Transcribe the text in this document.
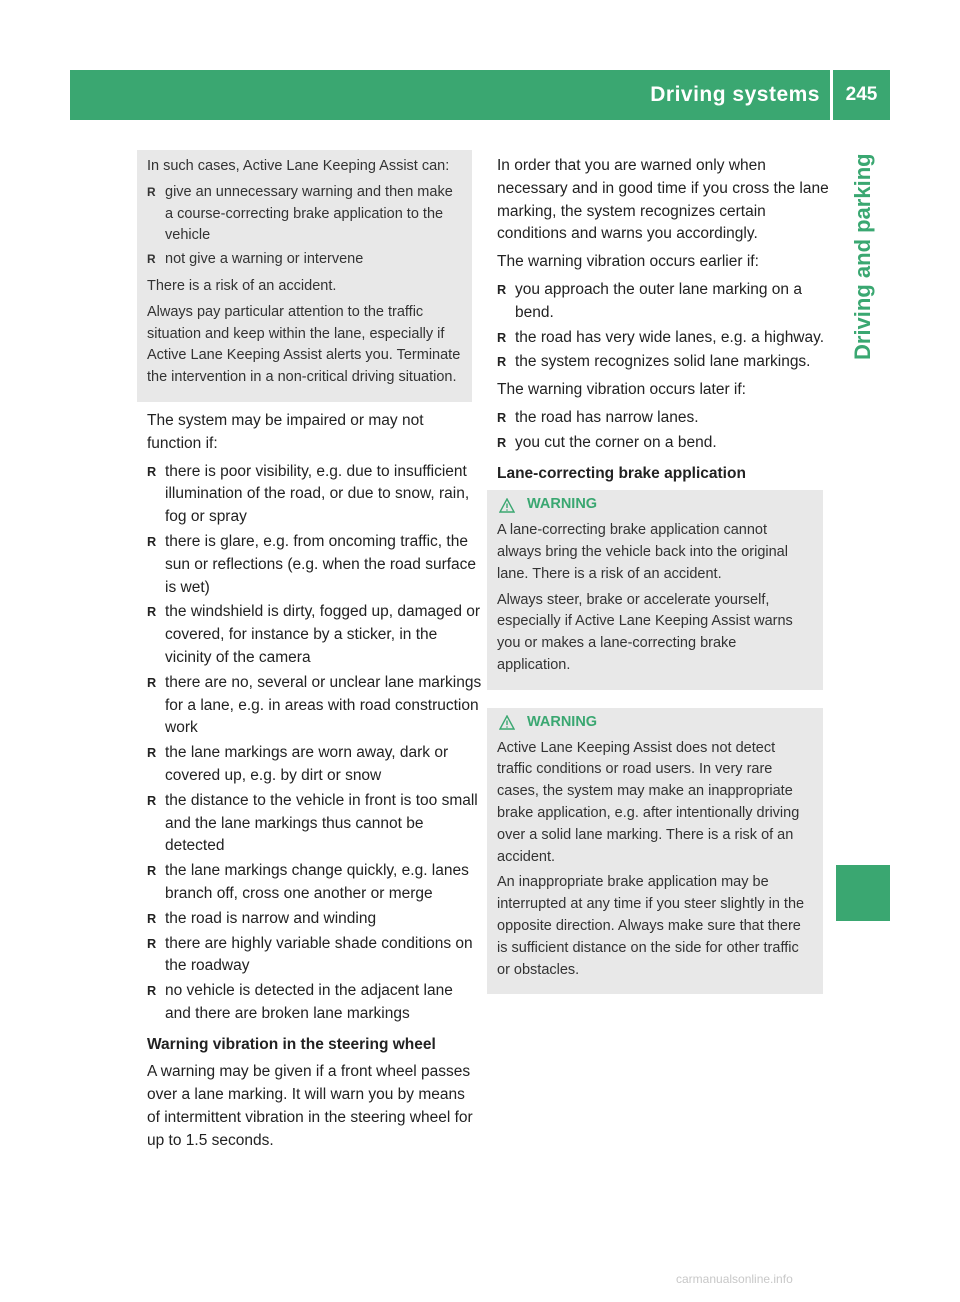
Driving systems	245
Driving and parking

In such cases, Active Lane Keeping Assist can:

R give an unnecessary warning and then make a course-correcting brake application to the vehicle
R not give a warning or intervene

There is a risk of an accident.

Always pay particular attention to the traffic situation and keep within the lane, especially if Active Lane Keeping Assist alerts you. Terminate the intervention in a non-critical driving situation.

The system may be impaired or may not function if:

R there is poor visibility, e.g. due to insufficient illumination of the road, or due to snow, rain, fog or spray
R there is glare, e.g. from oncoming traffic, the sun or reflections (e.g. when the road surface is wet)
R the windshield is dirty, fogged up, damaged or covered, for instance by a sticker, in the vicinity of the camera
R there are no, several or unclear lane markings for a lane, e.g. in areas with road construction work
R the lane markings are worn away, dark or covered up, e.g. by dirt or snow
R the distance to the vehicle in front is too small and the lane markings thus cannot be detected
R the lane markings change quickly, e.g. lanes branch off, cross one another or merge
R the road is narrow and winding
R there are highly variable shade conditions on the roadway
R no vehicle is detected in the adjacent lane and there are broken lane markings
Warning vibration in the steering wheel

A warning may be given if a front wheel passes over a lane marking. It will warn you by means of intermittent vibration in the steering wheel for up to 1.5 seconds.

In order that you are warned only when necessary and in good time if you cross the lane marking, the system recognizes certain conditions and warns you accordingly.

The warning vibration occurs earlier if:

R you approach the outer lane marking on a bend.
R the road has very wide lanes, e.g. a highway.
R the system recognizes solid lane markings.

The warning vibration occurs later if:

R the road has narrow lanes.
R you cut the corner on a bend.
Lane-correcting brake application
WARNING

A lane-correcting brake application cannot always bring the vehicle back into the original lane. There is a risk of an accident.

Always steer, brake or accelerate yourself, especially if Active Lane Keeping Assist warns you or makes a lane-correcting brake application.

WARNING

Active Lane Keeping Assist does not detect traffic conditions or road users. In very rare cases, the system may make an inappropriate brake application, e.g. after intentionally driving over a solid lane marking. There is a risk of an accident.

An inappropriate brake application may be interrupted at any time if you steer slightly in the opposite direction. Always make sure that there is sufficient distance on the side for other traffic or obstacles.

carmanualsonline.info
